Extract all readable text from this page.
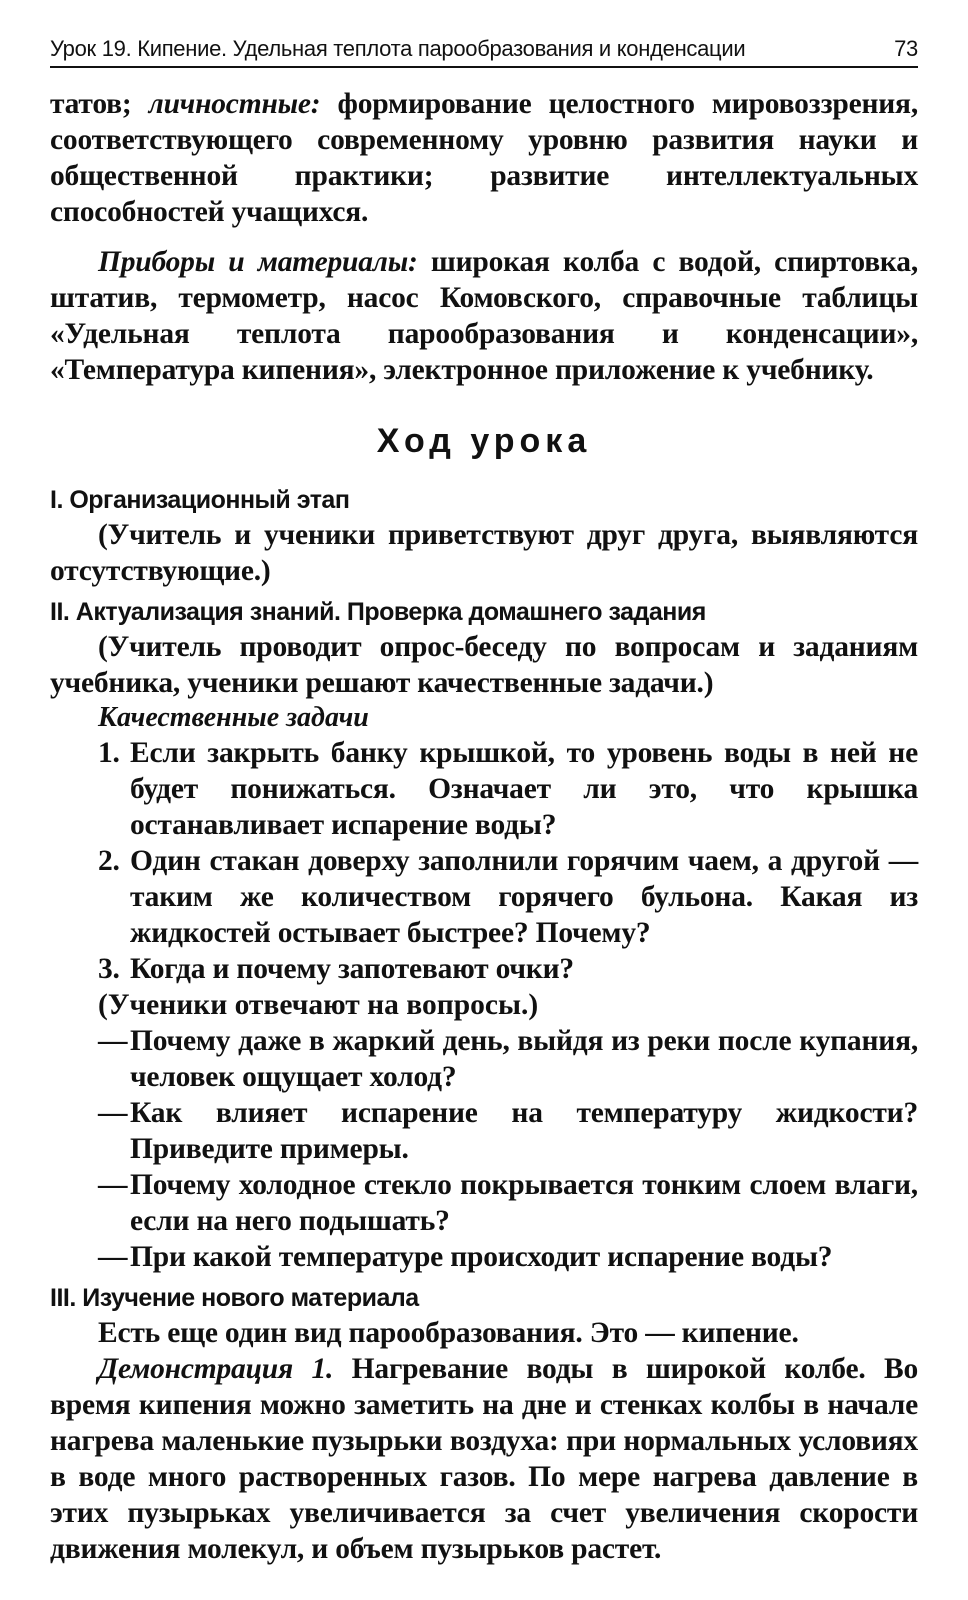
Урок 19. Кипение. Удельная теплота парообразования и конденсации	73

татов; личностные: формирование целостного мировоззрения, соответствующего современному уровню развития науки и общественной практики; развитие интеллектуальных способностей учащихся.

Приборы и материалы: широкая колба с водой, спиртовка, штатив, термометр, насос Комовского, справочные таблицы «Удельная теплота парообразования и конденсации», «Температура кипения», электронное приложение к учебнику.

Ход урока
I. Организационный этап

(Учитель и ученики приветствуют друг друга, выявляются отсутствующие.)

II. Актуализация знаний. Проверка домашнего задания

(Учитель проводит опрос-беседу по вопросам и заданиям учебника, ученики решают качественные задачи.)

Качественные задачи
1. Если закрыть банку крышкой, то уровень воды в ней не будет понижаться. Означает ли это, что крышка останавливает испарение воды?
2. Один стакан доверху заполнили горячим чаем, а другой — таким же количеством горячего бульона. Какая из жидкостей остывает быстрее? Почему?
3. Когда и почему запотевают очки?
(Ученики отвечают на вопросы.)
— Почему даже в жаркий день, выйдя из реки после купания, человек ощущает холод?
— Как влияет испарение на температуру жидкости? Приведите примеры.
— Почему холодное стекло покрывается тонким слоем влаги, если на него подышать?
— При какой температуре происходит испарение воды?
III. Изучение нового материала

Есть еще один вид парообразования. Это — кипение.

Демонстрация 1. Нагревание воды в широкой колбе. Во время кипения можно заметить на дне и стенках колбы в начале нагрева маленькие пузырьки воздуха: при нормальных условиях в воде много растворенных газов. По мере нагрева давление в этих пузырьках увеличивается за счет увеличения скорости движения молекул, и объем пузырьков растет.
